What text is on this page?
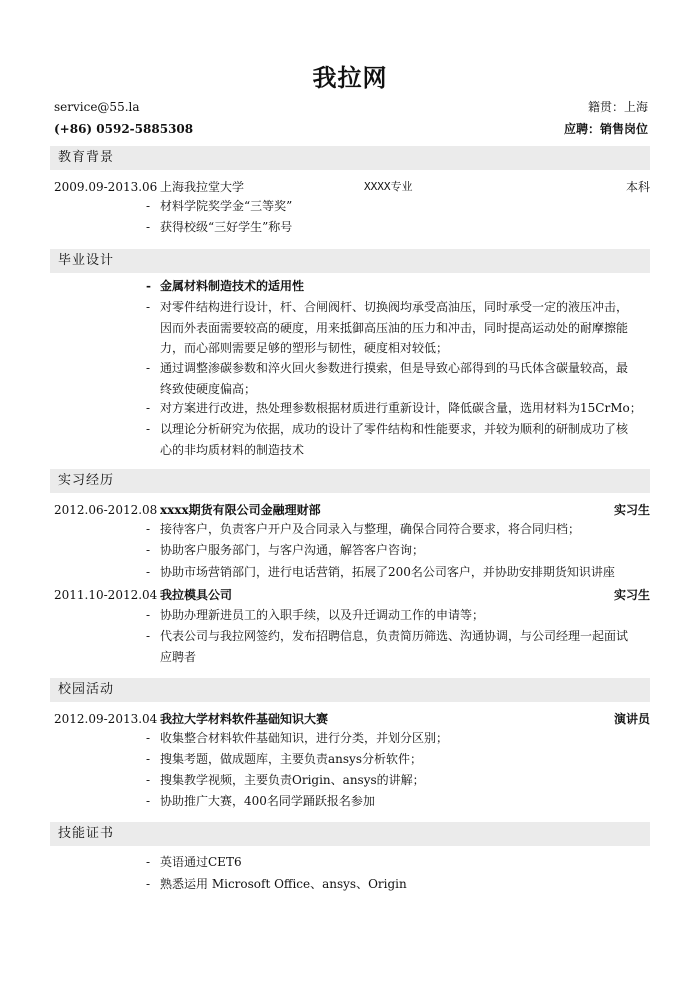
我拉网
service@55.la
(+86) 0592-5885308
籍贯：上海
应聘：销售岗位
教育背景
2009.09-2013.06 上海我拉堂大学	XXXX专业	本科
- 材料学院奖学金“三等奖”
- 获得校级“三好学生”称号
毕业设计
- 金属材料制造技术的适用性
- 对零件结构进行设计，杆、合闸阀杆、切换阀均承受高油压，同时承受一定的液压冲击，
因而外表面需要较高的硬度，用来抵御高压油的压力和冲击，同时提高运动处的耐摩擦能
力，而心部则需要足够的塑形与韧性，硬度相对较低；
- 通过调整渗碳参数和淬火回火参数进行摸索，但是导致心部得到的马氏体含碳量较高，最
终致使硬度偏高；
- 对方案进行改进，热处理参数根据材质进行重新设计，降低碳含量，选用材料为15CrMo；
- 以理论分析研究为依据，成功的设计了零件结构和性能要求，并较为顺利的研制成功了核
心的非均质材料的制造技术
实习经历
2012.06-2012.08 xxxx期货有限公司金融理财部	实习生
- 接待客户，负责客户开户及合同录入与整理，确保合同符合要求，将合同归档；
- 协助客户服务部门，与客户沟通，解答客户咨询；
- 协助市场营销部门，进行电话营销，拓展了200名公司客户，并协助安排期货知识讲座
2011.10-2012.04 我拉模具公司	实习生
- 协助办理新进员工的入职手续，以及升迁调动工作的申请等；
- 代表公司与我拉网签约，发布招聘信息，负责简历筛选、沟通协调，与公司经理一起面试
应聘者
校园活动
2012.09-2013.04 我拉大学材料软件基础知识大赛	演讲员
- 收集整合材料软件基础知识，进行分类，并划分区别；
- 搜集考题，做成题库，主要负责ansys分析软件；
- 搜集教学视频，主要负责Origin、ansys的讲解；
- 协助推广大赛，400名同学踊跃报名参加
技能证书
- 英语通过CET6
- 熟悉运用 Microsoft Office、ansys、Origin
